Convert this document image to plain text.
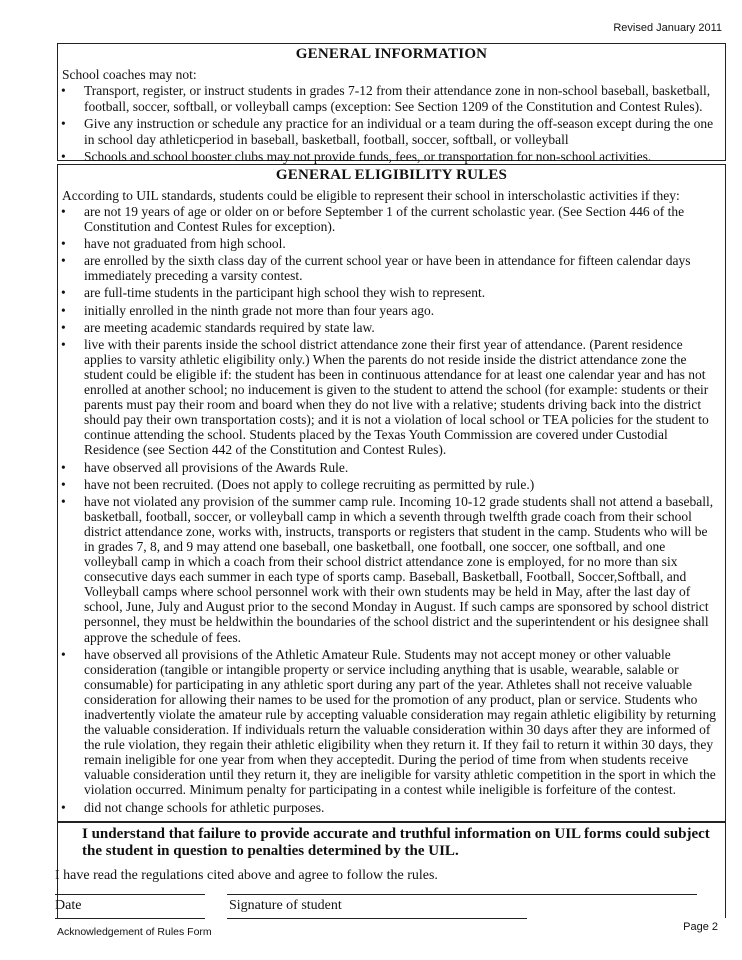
Revised January 2011
GENERAL INFORMATION
School coaches may not:
• Transport, register, or instruct students in grades 7-12 from their attendance zone in non-school baseball, basketball, football, soccer, softball, or volleyball camps (exception: See Section 1209 of the Constitution and Contest Rules).
• Give any instruction or schedule any practice for an individual or a team during the off-season except during the one in school day athleticperiod in baseball, basketball, football, soccer, softball, or volleyball
• Schools and school booster clubs may not provide funds, fees, or transportation for non-school activities.
GENERAL ELIGIBILITY RULES
According to UIL standards, students could be eligible to represent their school in interscholastic activities if they:
• are not 19 years of age or older on or before September 1 of the current scholastic year. (See Section 446 of the Constitution and Contest Rules for exception).
• have not graduated from high school.
• are enrolled by the sixth class day of the current school year or have been in attendance for fifteen calendar days immediately preceding a varsity contest.
• are full-time students in the participant high school they wish to represent.
• initially enrolled in the ninth grade not more than four years ago.
• are meeting academic standards required by state law.
• live with their parents inside the school district attendance zone their first year of attendance. (Parent residence applies to varsity athletic eligibility only.) When the parents do not reside inside the district attendance zone the student could be eligible if: the student has been in continuous attendance for at least one calendar year and has not enrolled at another school; no inducement is given to the student to attend the school (for example: students or their parents must pay their room and board when they do not live with a relative; students driving back into the district should pay their own transportation costs); and it is not a violation of local school or TEA policies for the student to continue attending the school. Students placed by the Texas Youth Commission are covered under Custodial Residence (see Section 442 of the Constitution and Contest Rules).
• have observed all provisions of the Awards Rule.
• have not been recruited. (Does not apply to college recruiting as permitted by rule.)
• have not violated any provision of the summer camp rule. Incoming 10-12 grade students shall not attend a baseball, basketball, football, soccer, or volleyball camp in which a seventh through twelfth grade coach from their school district attendance zone, works with, instructs, transports or registers that student in the camp. Students who will be in grades 7, 8, and 9 may attend one baseball, one basketball, one football, one soccer, one softball, and one volleyball camp in which a coach from their school district attendance zone is employed, for no more than six consecutive days each summer in each type of sports camp. Baseball, Basketball, Football, Soccer,Softball, and Volleyball camps where school personnel work with their own students may be held in May, after the last day of school, June, July and August prior to the second Monday in August. If such camps are sponsored by school district personnel, they must be heldwithin the boundaries of the school district and the superintendent or his designee shall approve the schedule of fees.
• have observed all provisions of the Athletic Amateur Rule. Students may not accept money or other valuable consideration (tangible or intangible property or service including anything that is usable, wearable, salable or consumable) for participating in any athletic sport during any part of the year. Athletes shall not receive valuable consideration for allowing their names to be used for the promotion of any product, plan or service. Students who inadvertently violate the amateur rule by accepting valuable consideration may regain athletic eligibility by returning the valuable consideration. If individuals return the valuable consideration within 30 days after they are informed of the rule violation, they regain their athletic eligibility when they return it. If they fail to return it within 30 days, they remain ineligible for one year from when they acceptedit. During the period of time from when students receive valuable consideration until they return it, they are ineligible for varsity athletic competition in the sport in which the violation occurred. Minimum penalty for participating in a contest while ineligible is forfeiture of the contest.
• did not change schools for athletic purposes.
I understand that failure to provide accurate and truthful information on UIL forms could subject the student in question to penalties determined by the UIL.
I have read the regulations cited above and agree to follow the rules.
Date	Signature of student
Acknowledgement of Rules Form	Page 2
